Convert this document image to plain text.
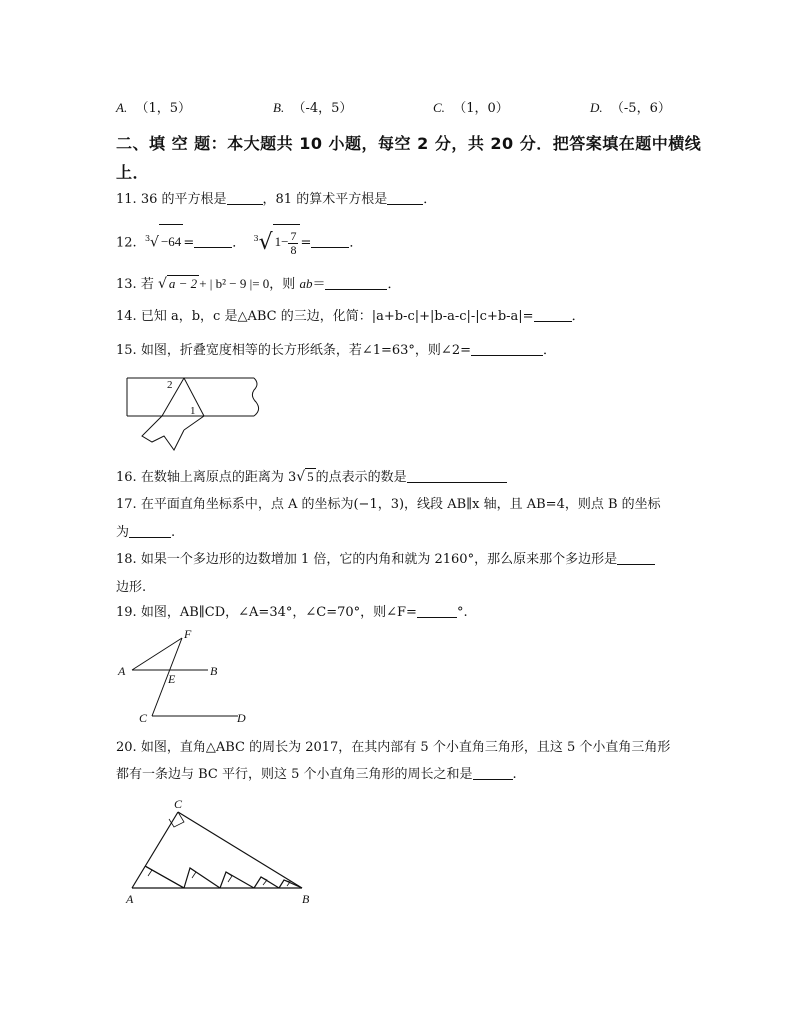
A. （1，5）	B. （-4，5）	C. （1，0）	D. （-5，6）
二、填 空 题：本大题共 10 小题，每空 2 分，共 20 分．把答案填在题中横线
上．
11. 36 的平方根是	，81 的算术平方根是	．
12. $^3$√ −64 =	． $^3$√ $1- \frac{7}{8}$ =	．
13. 若 √ a − 2 + | b² − 9 |= 0，则 ab＝	．
14. 已知 a，b，c 是△ABC 的三边，化简：|a+b-c|+|b-a-c|-|c+b-a|=	．
15. 如图，折叠宽度相等的长方形纸条，若∠1=63°，则∠2=	．
2
1
16. 在数轴上离原点的距离为 3√ 5 的点表示的数是
17. 在平面直角坐标系中，点 A 的坐标为(−1，3)，线段 AB∥x 轴，且 AB=4，则点 B 的坐标
为	.
18. 如果一个多边形的边数增加 1 倍，它的内角和就为 2160°，那么原来那个多边形是
边形.
19. 如图，AB∥CD，∠A=34°，∠C=70°，则∠F=	°.
A	B
C	D
E
F
20. 如图，直角△ABC 的周长为 2017，在其内部有 5 个小直角三角形，且这 5 个小直角三角形
都有一条边与 BC 平行，则这 5 个小直角三角形的周长之和是	.
A	B
C
